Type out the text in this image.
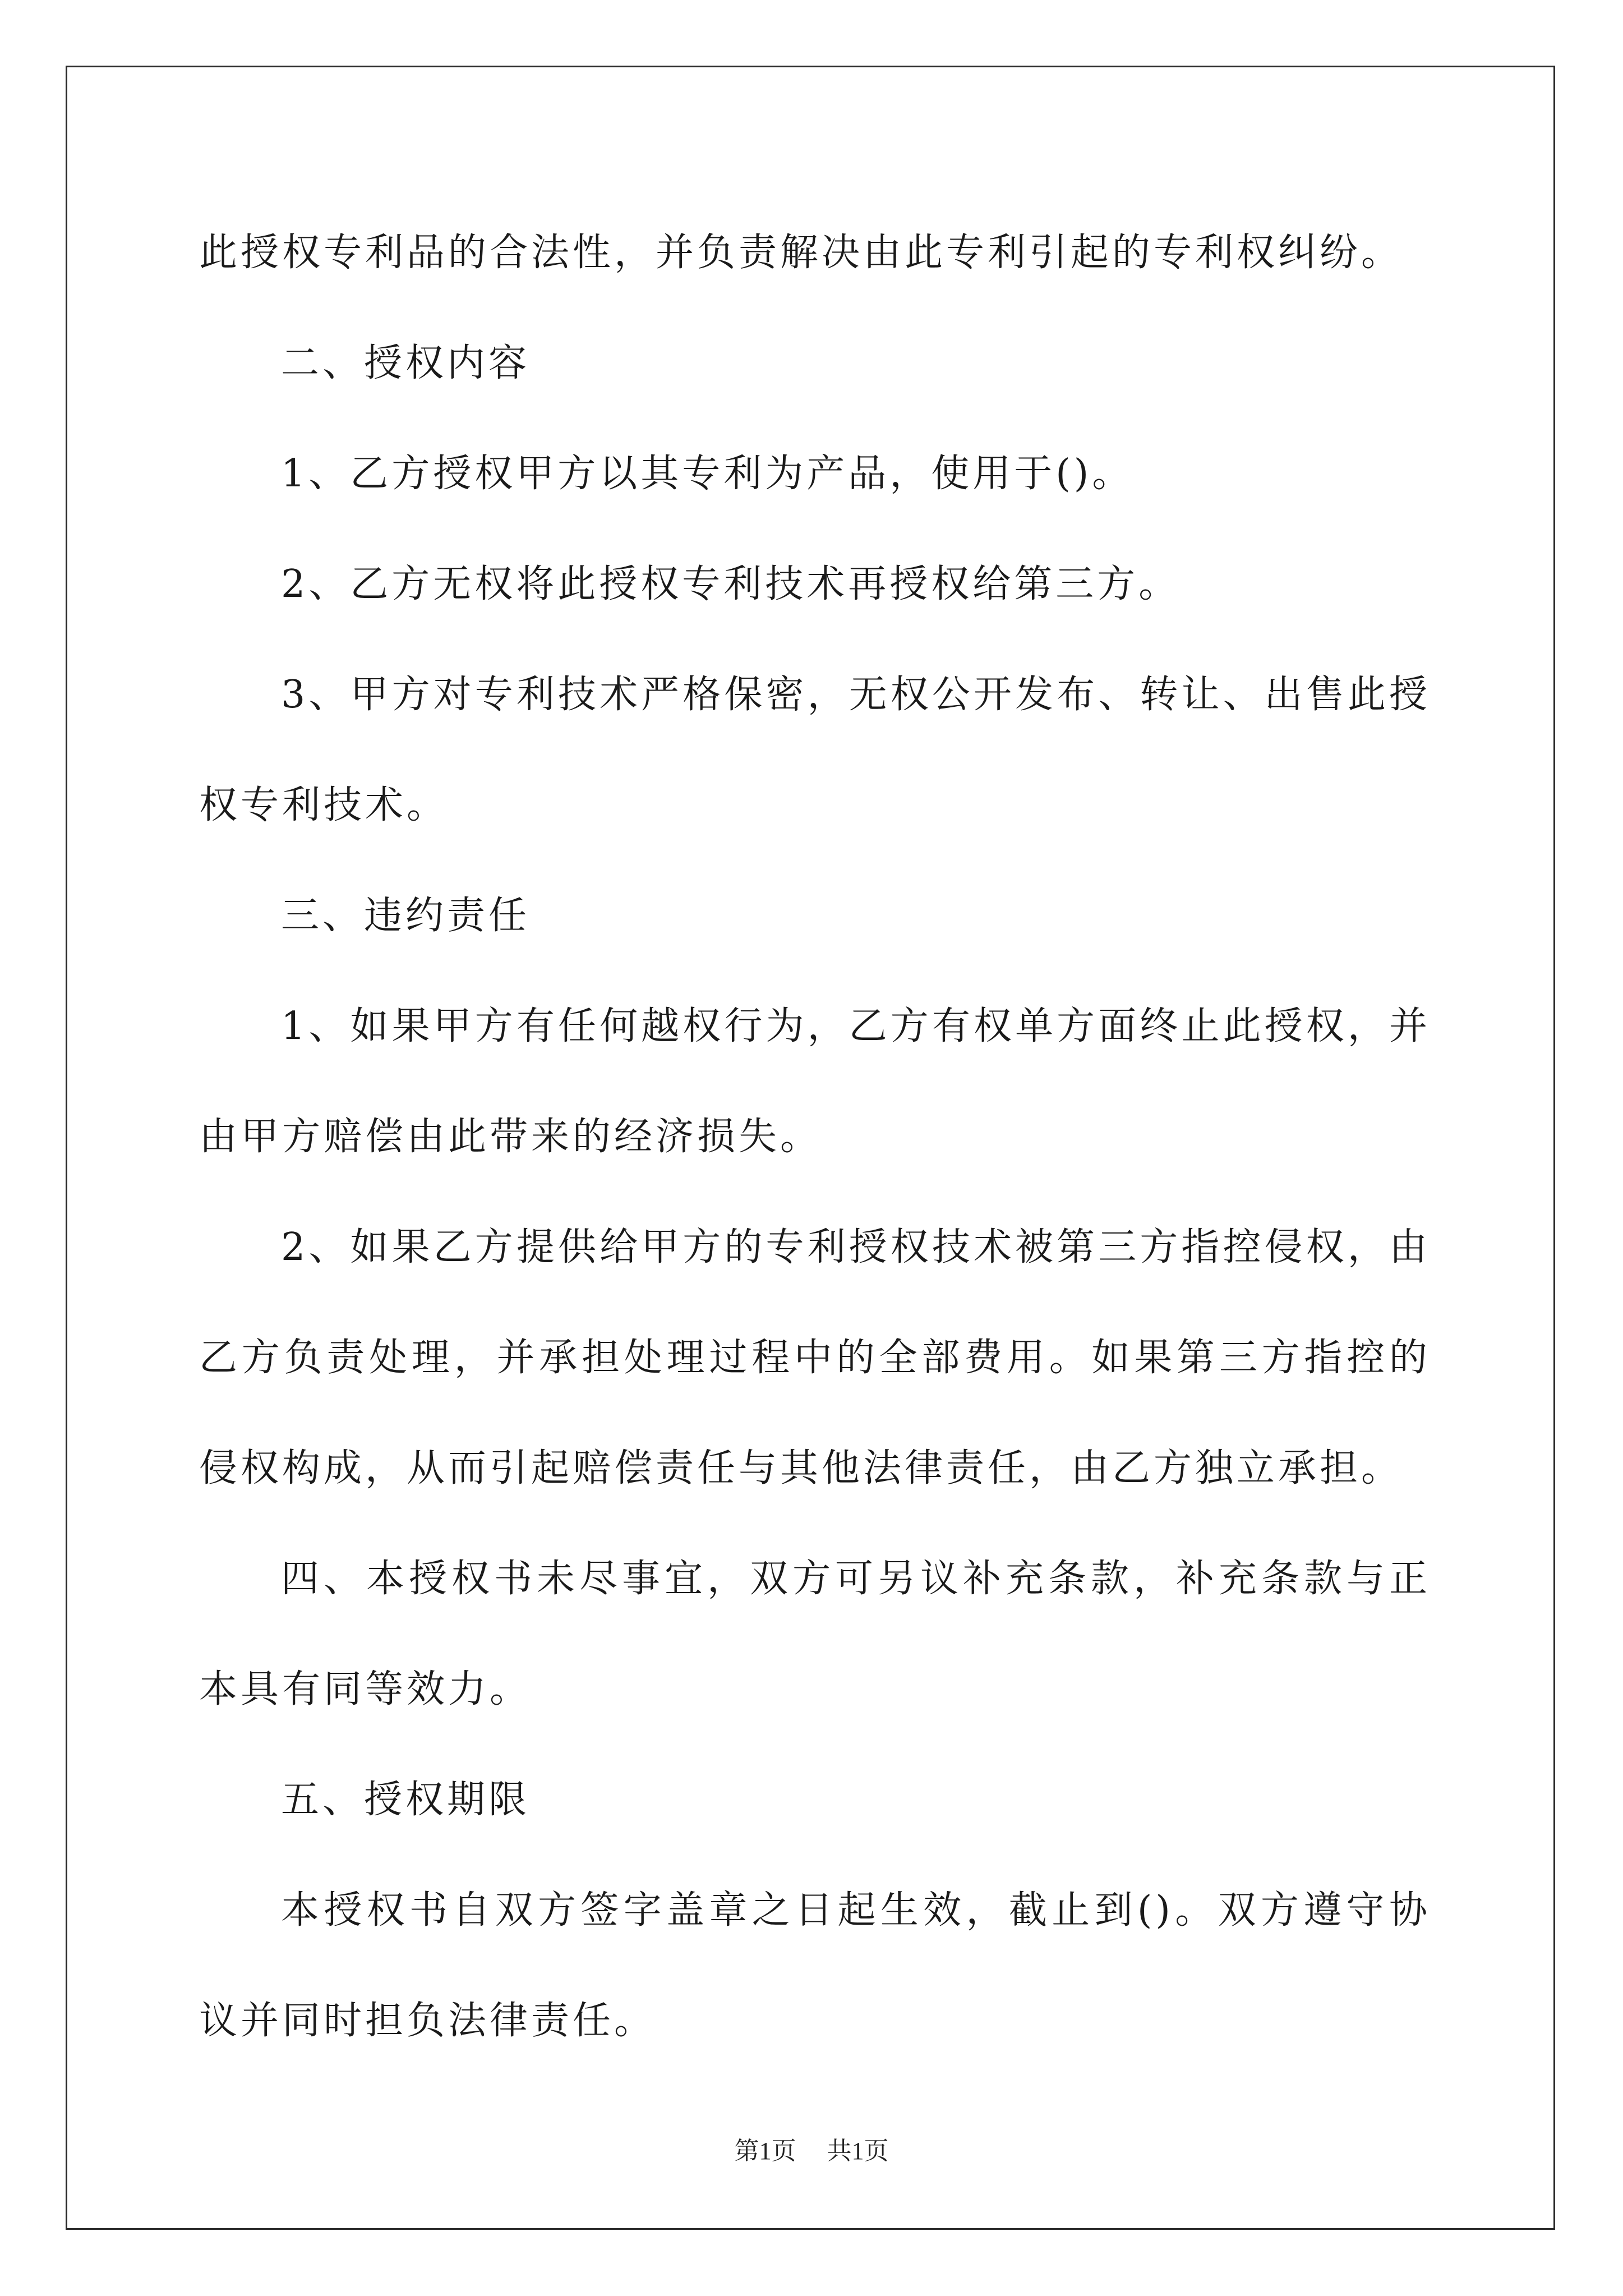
此授权专利品的合法性，并负责解决由此专利引起的专利权纠纷。

二、授权内容

1、乙方授权甲方以其专利为产品，使用于()。

2、乙方无权将此授权专利技术再授权给第三方。

3、甲方对专利技术严格保密，无权公开发布、转让、出售此授权专利技术。

三、违约责任

1、如果甲方有任何越权行为，乙方有权单方面终止此授权，并由甲方赔偿由此带来的经济损失。

2、如果乙方提供给甲方的专利授权技术被第三方指控侵权，由乙方负责处理，并承担处理过程中的全部费用。如果第三方指控的侵权构成，从而引起赔偿责任与其他法律责任，由乙方独立承担。

四、本授权书未尽事宜，双方可另议补充条款，补充条款与正本具有同等效力。

五、授权期限

本授权书自双方签字盖章之日起生效，截止到()。双方遵守协议并同时担负法律责任。

第1页 共1页
